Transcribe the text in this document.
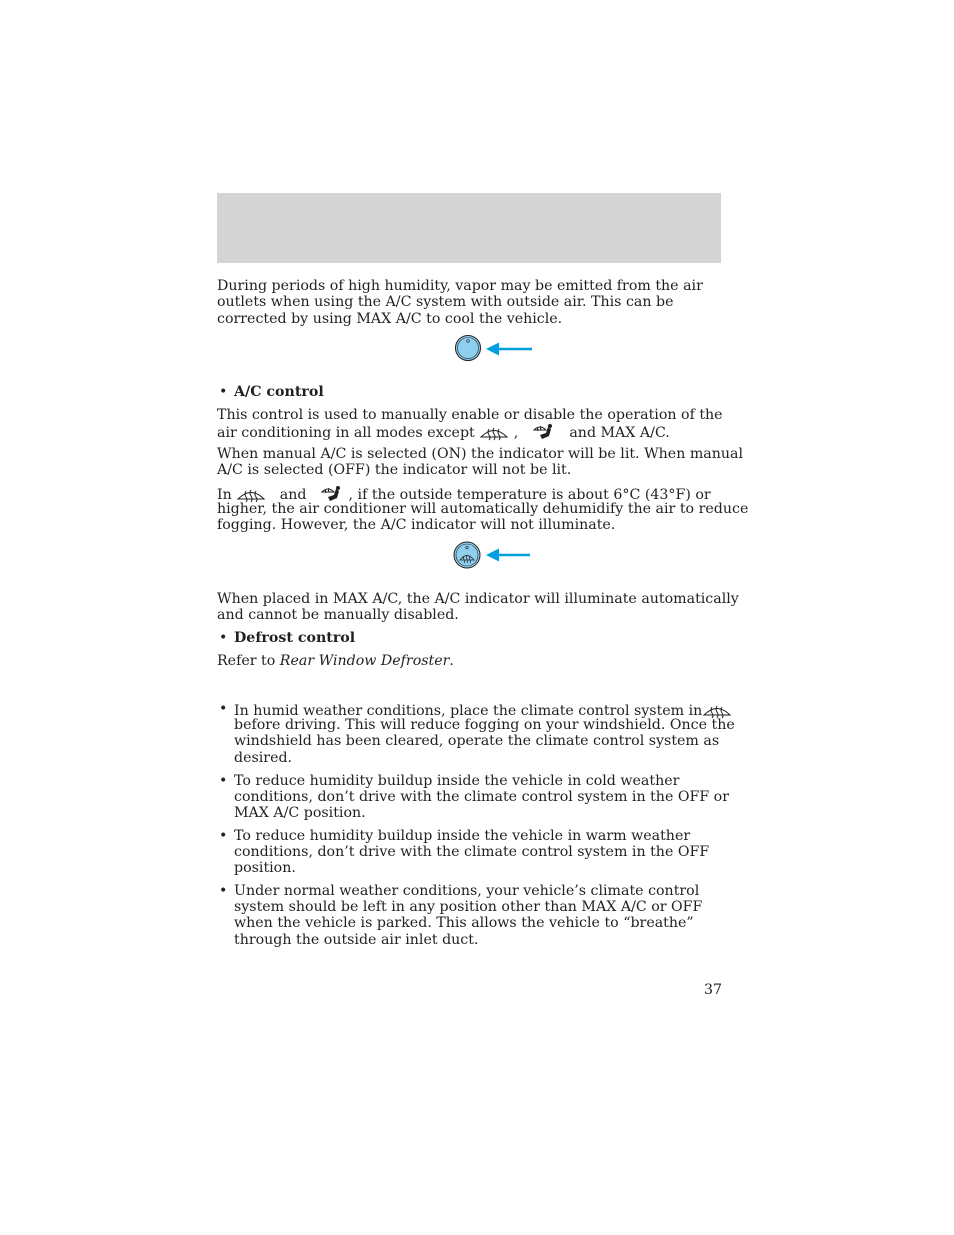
During periods of high humidity, vapor may be emitted from the air
outlets when using the A/C system with outside air. This can be
corrected by using MAX A/C to cool the vehicle.
• A/C control
This control is used to manually enable or disable the operation of the
air conditioning in all modes except	,	and MAX A/C.
When manual A/C is selected (ON) the indicator will be lit. When manual
A/C is selected (OFF) the indicator will not be lit.
In	and	, if the outside temperature is about 6°C (43°F) or
higher, the air conditioner will automatically dehumidify the air to reduce
fogging. However, the A/C indicator will not illuminate.
When placed in MAX A/C, the A/C indicator will illuminate automatically
and cannot be manually disabled.
• Defrost control
Refer to Rear Window Defroster.
• In humid weather conditions, place the climate control system in
before driving. This will reduce fogging on your windshield. Once the
windshield has been cleared, operate the climate control system as
desired.
• To reduce humidity buildup inside the vehicle in cold weather
conditions, don’t drive with the climate control system in the OFF or
MAX A/C position.
• To reduce humidity buildup inside the vehicle in warm weather
conditions, don’t drive with the climate control system in the OFF
position.
• Under normal weather conditions, your vehicle’s climate control
system should be left in any position other than MAX A/C or OFF
when the vehicle is parked. This allows the vehicle to “breathe”
through the outside air inlet duct.
37
